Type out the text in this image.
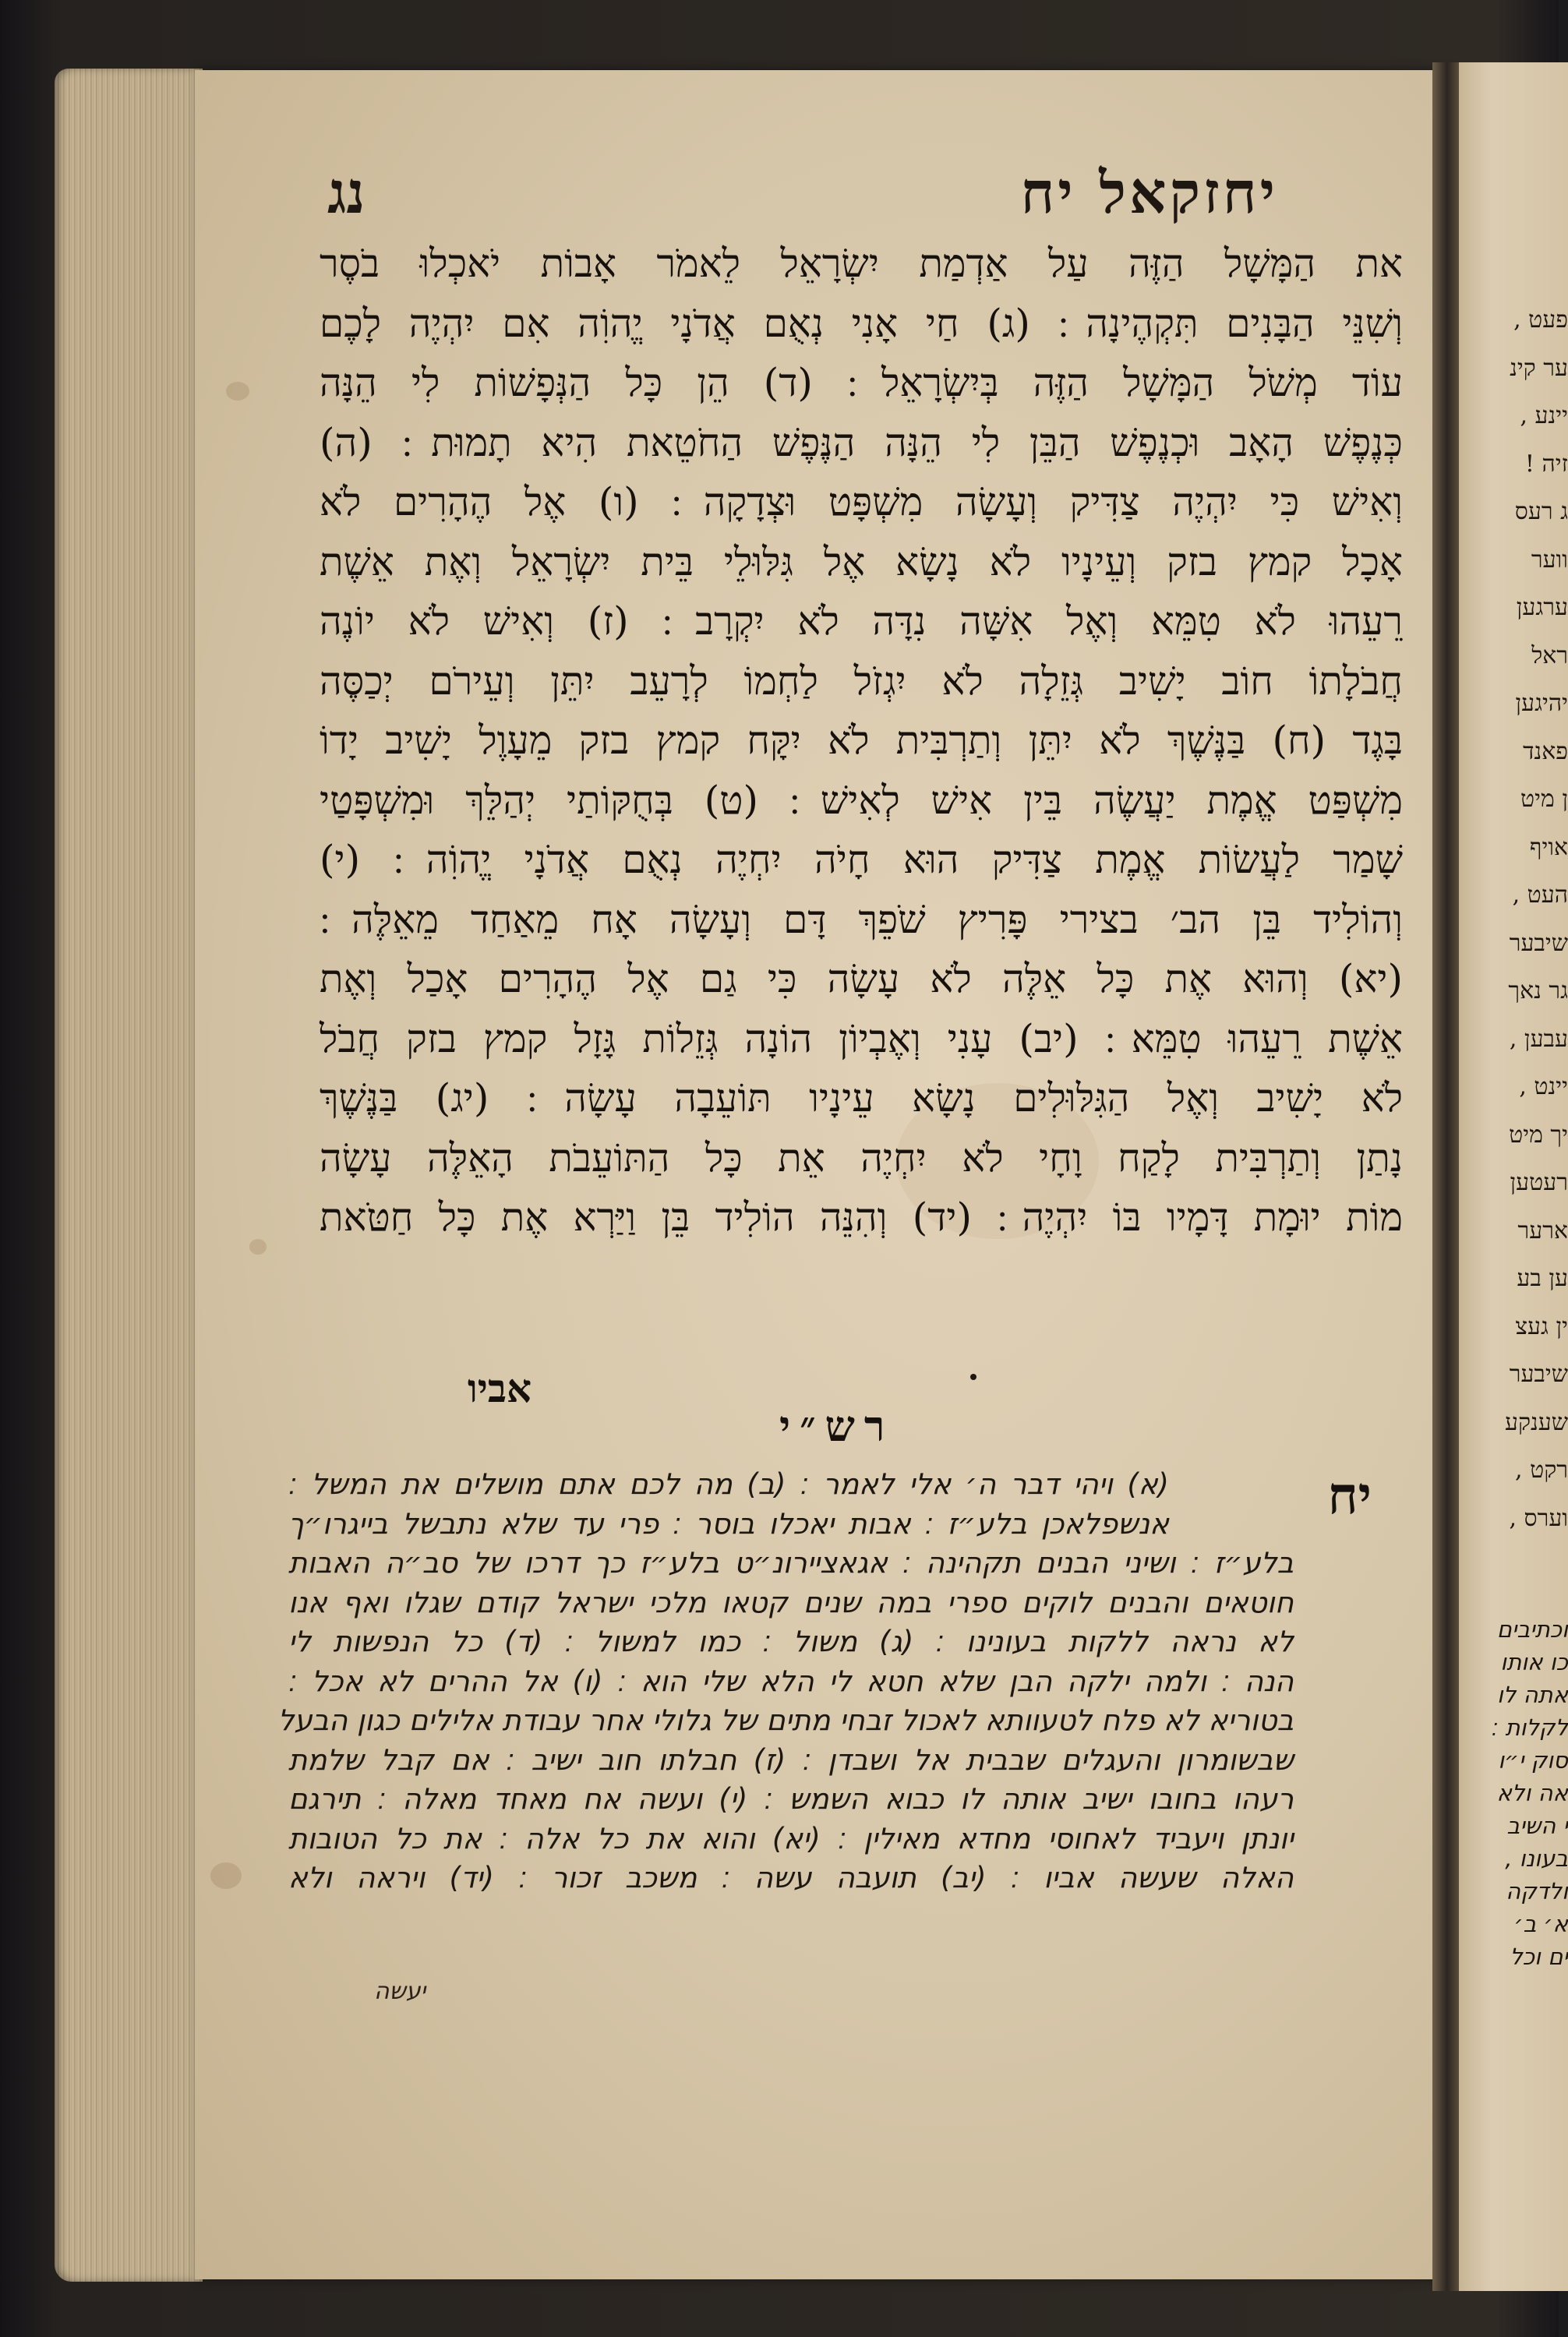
פעט ,
ער קינ
יינע ,
זיה !
ג רעס
ווער
ערגען
ראל
יהיגען
פאנד
ן מיט
אויף
העט ,
שיבער
גר נאך
עבען ,
יינט ,
יך מיט
רעטען
ארער
ען בע
ין געצ
שיבער
שענקע
רקט ,
וערס ,
וכתיבים
כו אותו
אתה לו
לקלות ׃
סוק י״ו
אה ולא
י השיב
בעונו ,
ולדקה
א׳ ב׳
ים וכל
יחזקאל יח
נג
את הַמָּשָׁל הַזֶּה עַל אַדְמַת יִשְׂרָאֵל לֵאמֹר אָבוֹת יֹאכְלוּ בֹסֶר
וְשִׁנֵּי הַבָּנִים תִּקְהֶינָה ׃ (ג) חַי אָנִי נְאֻם אֲדֹנָי יֱהוִֹה אִם יִהְיֶה לָכֶם
עוֹד מְשֹׁל הַמָּשָׁל הַזֶּה בְּיִשְׂרָאֵל ׃ (ד) הֵן כָּל הַנְּפָשׁוֹת לִי הֵנָּה
כְּנֶפֶשׁ הָאָב וּכְנֶפֶשׁ הַבֵּן לִי הֵנָּה הַנֶּפֶשׁ הַחֹטֵאת הִיא תָמוּת ׃ (ה)
וְאִישׁ כִּי יִהְיֶה צַדִּיק וְעָשָׂה מִשְׁפָּט וּצְדָקָה ׃ (ו) אֶל הֶהָרִים לֹא
אָכָל קמץ בזק וְעֵינָיו לֹא נָשָׂא אֶל גִּלּוּלֵי בֵּית יִשְׂרָאֵל וְאֶת אֵשֶׁת
רֵעֵהוּ לֹא טִמֵּא וְאֶל אִשָּׁה נִדָּה לֹא יִקְרָב ׃ (ז) וְאִישׁ לֹא יוֹנֶה
חֲבֹלָתוֹ חוֹב יָשִׁיב גְּזֵלָה לֹא יִגְזֹל לַחְמוֹ לְרָעֵב יִתֵּן וְעֵירֹם יְכַסֶּה
בָּגֶד (ח) בַּנֶּשֶׁךְ לֹא יִתֵּן וְתַרְבִּית לֹא יִקָּח קמץ בזק מֵעָוֶל יָשִׁיב יָדוֹ
מִשְׁפַּט אֱמֶת יַעֲשֶׂה בֵּין אִישׁ לְאִישׁ ׃ (ט) בְּחֻקּוֹתַי יְהַלֵּךְ וּמִשְׁפָּטַי
שָׁמַר לַעֲשׂוֹת אֱמֶת צַדִּיק הוּא חָיֹה יִחְיֶה נְאֻם אֲדֹנָי יֱהוִֹה ׃ (י)
וְהוֹלִיד בֵּן הב׳ בצירי פָּרִיץ שֹׁפֵךְ דָּם וְעָשָׂה אָח מֵאַחַד מֵאֵלֶּה ׃
(יא) וְהוּא אֶת כָּל אֵלֶּה לֹא עָשָׂה כִּי גַם אֶל הֶהָרִים אָכַל וְאֶת
אֵשֶׁת רֵעֵהוּ טִמֵּא ׃ (יב) עָנִי וְאֶבְיוֹן הוֹנָה גְּזֵלוֹת גָּזָל קמץ בזק חֲבֹל
לֹא יָשִׁיב וְאֶל הַגִּלּוּלִים נָשָׂא עֵינָיו תּוֹעֵבָה עָשָׂה ׃ (יג) בַּנֶּשֶׁךְ
נָתַן וְתַרְבִּית לָקַח וָחָי לֹא יִחְיֶה אֵת כָּל הַתּוֹעֵבֹת הָאֵלֶּה עָשָׂה
מוֹת יוּמָת דָּמָיו בּוֹ יִהְיֶה ׃ (יד) וְהִנֵּה הוֹלִיד בֵּן וַיַּרְא אֶת כָּל חַטֹּאת
אביו
רש״י
יח
(א) ויהי דבר ה׳ אלי לאמר ׃ (ב) מה לכם אתם מושלים את המשל ׃
אנשפלאכן בלע״ז ׃ אבות יאכלו בוסר ׃ פרי עד שלא נתבשל בייגרו״ך
בלע״ז ׃ ושיני הבנים תקהינה ׃ אגאציירונ״ט בלע״ז כך דרכו של סב״ה האבות
חוטאים והבנים לוקים ספרי במה שנים קטאו מלכי ישראל קודם שגלו ואף אנו
לא נראה ללקות בעונינו ׃ (ג) משול ׃ כמו למשול ׃ (ד) כל הנפשות לי
הנה ׃ ולמה ילקה הבן שלא חטא לי הלא שלי הוא ׃ (ו) אל ההרים לא אכל ׃
בטוריא לא פלח לטעוותא לאכול זבחי מתים של גלולי אחר עבודת אלילים כגון הבעל
שבשומרון והעגלים שבבית אל ושבדן ׃ (ז) חבלתו חוב ישיב ׃ אם קבל שלמת
רעהו בחובו ישיב אותה לו כבוא השמש ׃ (י) ועשה אח מאחד מאלה ׃ תירגם
יונתן ויעביד לאחוסי מחדא מאילין ׃ (יא) והוא את כל אלה ׃ את כל הטובות
האלה שעשה אביו ׃ (יב) תועבה עשה ׃ משכב זכור ׃ (יד) ויראה ולא
יעשה
